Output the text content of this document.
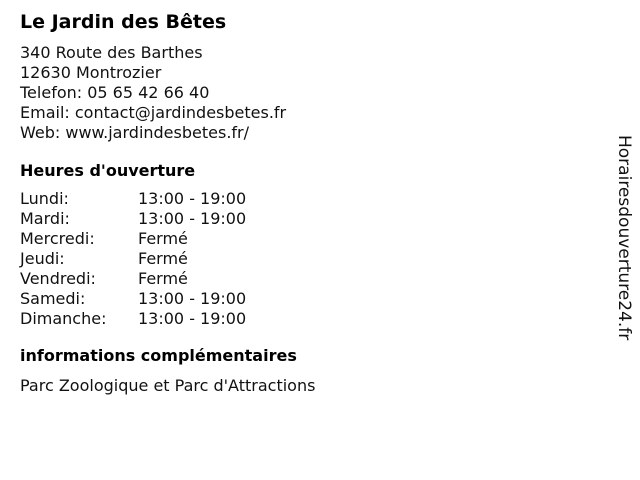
Le Jardin des Bêtes
340 Route des Barthes
12630 Montrozier
Telefon: 05 65 42 66 40
Email: contact@jardindesbetes.fr
Web: www.jardindesbetes.fr/
Heures d'ouverture
Lundi:	13:00 - 19:00
Mardi:	13:00 - 19:00
Mercredi:	Fermé
Jeudi:	Fermé
Vendredi:	Fermé
Samedi:	13:00 - 19:00
Dimanche:	13:00 - 19:00
informations complémentaires
Parc Zoologique et Parc d'Attractions
Horairesdouverture24.fr
